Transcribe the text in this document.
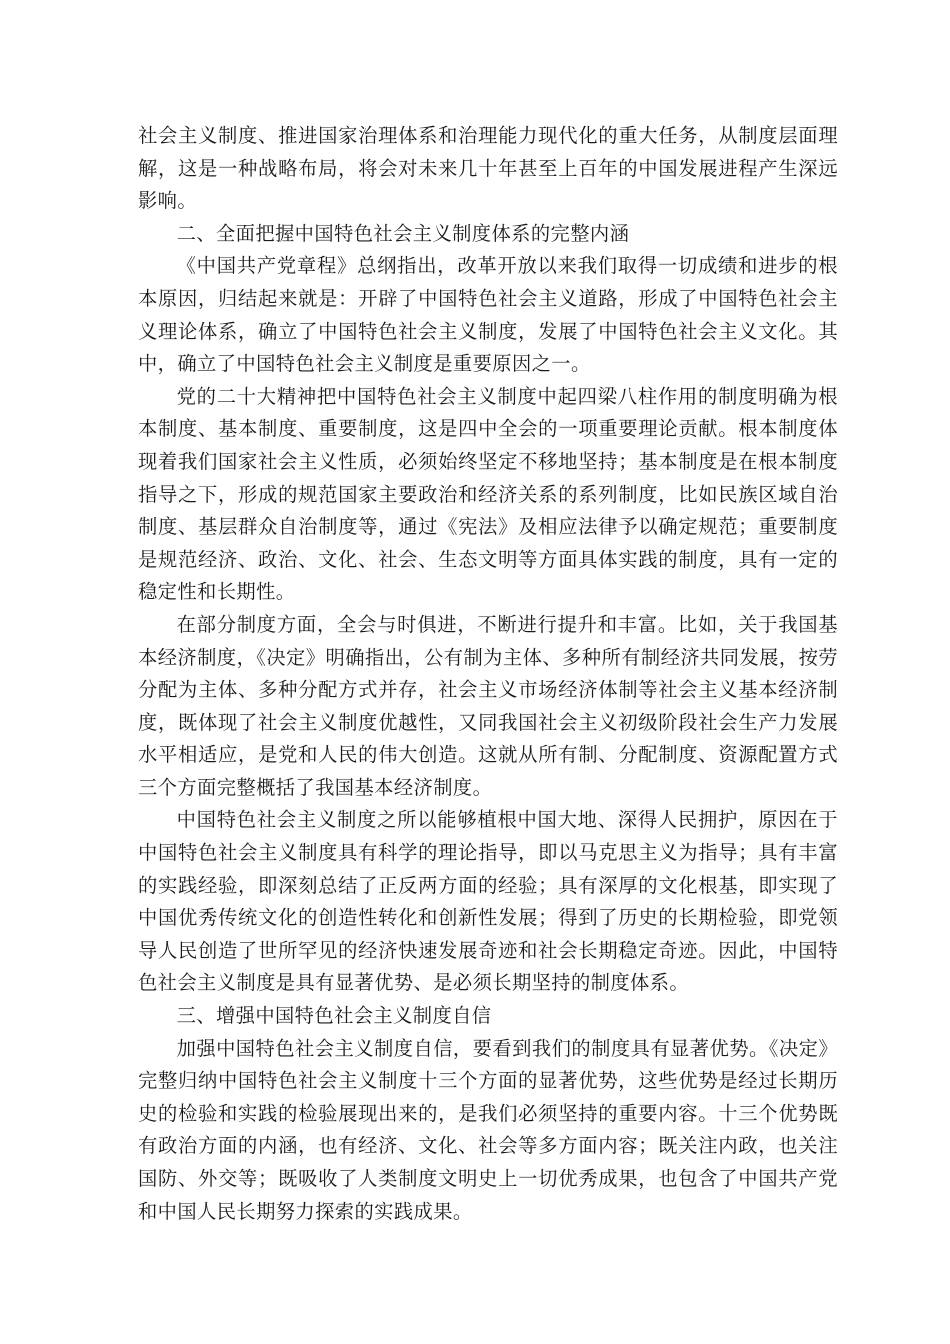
社会主义制度、推进国家治理体系和治理能力现代化的重大任务，从制度层面理解，这是一种战略布局，将会对未来几十年甚至上百年的中国发展进程产生深远影响。

二、全面把握中国特色社会主义制度体系的完整内涵

《中国共产党章程》总纲指出，改革开放以来我们取得一切成绩和进步的根本原因，归结起来就是：开辟了中国特色社会主义道路，形成了中国特色社会主义理论体系，确立了中国特色社会主义制度，发展了中国特色社会主义文化。其中，确立了中国特色社会主义制度是重要原因之一。

党的二十大精神把中国特色社会主义制度中起四梁八柱作用的制度明确为根本制度、基本制度、重要制度，这是四中全会的一项重要理论贡献。根本制度体现着我们国家社会主义性质，必须始终坚定不移地坚持；基本制度是在根本制度指导之下，形成的规范国家主要政治和经济关系的系列制度，比如民族区域自治制度、基层群众自治制度等，通过《宪法》及相应法律予以确定规范；重要制度是规范经济、政治、文化、社会、生态文明等方面具体实践的制度，具有一定的稳定性和长期性。

在部分制度方面，全会与时俱进，不断进行提升和丰富。比如，关于我国基本经济制度，《决定》明确指出，公有制为主体、多种所有制经济共同发展，按劳分配为主体、多种分配方式并存，社会主义市场经济体制等社会主义基本经济制度，既体现了社会主义制度优越性，又同我国社会主义初级阶段社会生产力发展水平相适应，是党和人民的伟大创造。这就从所有制、分配制度、资源配置方式三个方面完整概括了我国基本经济制度。

中国特色社会主义制度之所以能够植根中国大地、深得人民拥护，原因在于中国特色社会主义制度具有科学的理论指导，即以马克思主义为指导；具有丰富的实践经验，即深刻总结了正反两方面的经验；具有深厚的文化根基，即实现了中国优秀传统文化的创造性转化和创新性发展；得到了历史的长期检验，即党领导人民创造了世所罕见的经济快速发展奇迹和社会长期稳定奇迹。因此，中国特色社会主义制度是具有显著优势、是必须长期坚持的制度体系。

三、增强中国特色社会主义制度自信

加强中国特色社会主义制度自信，要看到我们的制度具有显著优势。《决定》完整归纳中国特色社会主义制度十三个方面的显著优势，这些优势是经过长期历史的检验和实践的检验展现出来的，是我们必须坚持的重要内容。十三个优势既有政治方面的内涵，也有经济、文化、社会等多方面内容；既关注内政，也关注国防、外交等；既吸收了人类制度文明史上一切优秀成果，也包含了中国共产党和中国人民长期努力探索的实践成果。
